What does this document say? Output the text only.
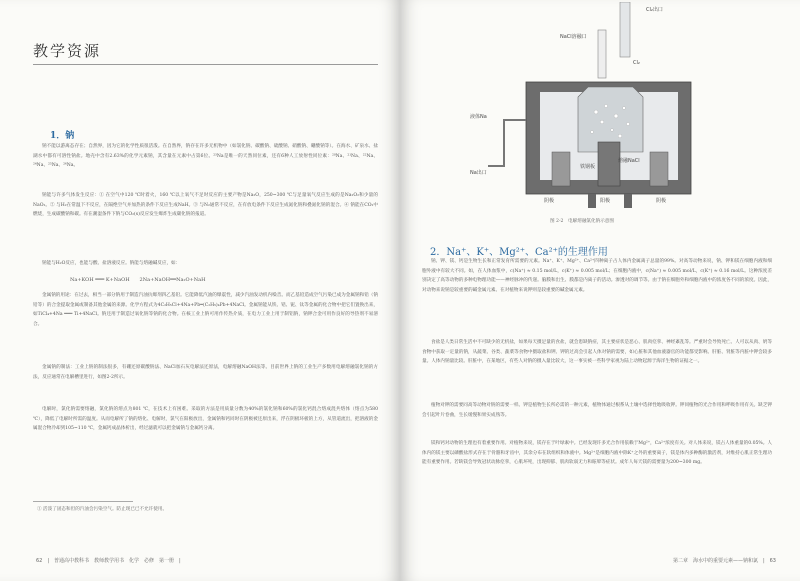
教学资源
1．钠

钠不能以游离态存在；自然界，因为它的化学性质很活泼。在自然界，钠存在许多无机物中（如氯化钠、碳酸钠、硫酸钠、硝酸钠、硼酸钠等）。在海水、矿泉水、盐湖水中都有可溶性钠盐。地壳中含有2.63%的化学元素钠，其含量在元素中占第6位。²³Na是唯一的天然同位素，还有6种人工放射性同位素：²⁰Na、²¹Na、²²Na、²⁴Na、²⁵Na、²⁶Na。

钠能与许多气体发生反应：① 在空气中120 ℃时着火，160 ℃以上氧气不足时反应的主要产物是Na₂O，250~300 ℃与足量氧气反应生成的是Na₂O₂和少量的NaO₂。② 与H₂在常温下不反应，在隔绝空气并加热的条件下反应生成NaH。③ 与N₂通常不反应，在有放电条件下反应生成氮化钠和叠氮化钠的混合。④ 钠能在CO₂中燃烧，生成碳酸钠和碳。有在潮湿条件下钠与CO₂(s)反应发生爆炸生成碳化钠的报道。

钠能与H₂O反应，也能与酸、盐溶液反应。钠能与熔融碱反应，如：

Na+KOH ═══ K+NaOH　　2Na+NaOH══Na₂O+NaH

金属钠的用途：在过去，相当一部分钠用于制造汽油抗爆剂四乙基铅。它能降低汽油的爆震性，减少汽油发动机内噪音。而乙基铅造成空气污染已成为金属钠和铅（钠铅等）的合金提取金属或制备其他金属的来源。化学方程式为4C₂H₅Cl+4Na+Pb═(C₂H₅)₄Pb+4NaCl。金属钠能从铁、锆、铌、钛等金属的化合物中把它们置换出来，如TiCl₄+4Na ═══ Ti+4NaCl。钠还用于制造过氧化钠等钠的化合物。在核工业上钠可用作传热介质，在电力工业上用于制铝钠，钠钾合金可用作良好的导热剂不易溶合。

金属钠的制法：工业上钠的制法很多，有硼还原碳酸钠法、NaCl加石灰电解法还原法，电解熔融NaOH法等。目前世界上钠的工业生产多数用电解熔融氯化钠的方法，反应通常在电解槽里进行，如图2-2所示。

电解时，氯化钠需要熔融，氯化钠的熔点为801 ℃，在技术上有困难。采取的方法是用质量分数为40%的氯化钠和60%的氯化钙混合熔成混共熔体（熔点为580 ℃），降低了电解时所需的温度。从而电解所了钠的熔化、电解时，氯气在阳极放出，金属钠和钙同时在阴极被还原出来，浮在阴极环板的上方，从管道流出，把溶液的金属混合物冷却到105~110 ℃，金属钙成晶体析出，经过滤就可以把金属钠与金属钙分离。

① 活泼了固态和但的汽油会污染空气。防止现已已不允许使用。
62　|　普通高中教科书　教师教学用书　化学　必修　第一册　|
Cl₂出口
Cl₂
NaCl溶融口
液体Na
Na出口
熔融NaCl
铁钢板
阴极	阳极	阴极
图 2-2　电解熔融氯化钠示意图
2．Na⁺、K⁺、Mg²⁺、Ca²⁺的生理作用

钠、钾、镁、钙是生物生长和正常发育所需要的元素。Na⁺、K⁺、Mg²⁺、Ca²⁺四种离子占人体内金属离子总量的99%。对高等动物来说，钠、钾和镁在细胞内液和细胞外液中有较大不同。如，在人体血浆中，c(Na⁺) ≈ 0.15 mol/L，c(K⁺) ≈ 0.005 mol/L；在细胞内液中，c(Na⁺) ≈ 0.005 mol/L，c(K⁺) ≈ 0.16 mol/L。这种浓度差别决定了高等动物的多种电物理功能——神经脉冲的传递。脑膜和出生、膜都是内离子的活动。渗透对的调节等。由于钠在细胞外和细胞内液中的浓度各不同的浓度。因此，对动物来说钠是较重要的碱金属元素。在对植物来说钾则是较重要的碱金属元素。

食盐是人类日常生活中不可缺少的无机盐，如果每天摄足量的食盐，就会患缺钠症，其主要症状是恶心、肌肉痉挛、神经紊乱等。严重时会导致死亡。人可以从肉、奶等食物中获取一定量的钠，从蔬菜、谷类、蔬菜等食物中摄取盐和钾。钾的过高会引起人体对钠的需要，如心脏和其他血液器官的功能都受影响。肝脏、肾脏等内脏中钾会较多量。人体内钠量比较。肝脏中，在某地区，有些人对钠的摄入量比较大，这一事实被一些科学家视为陆上动物起源于海洋生物的证据之一。

植物对钾的需要同高等动物对钠的需要一样。钾是植物生长所必需的一种元素，植物体通过根系从土壤中选择性地吸收钾。钾同植物的光合作用和呼吸作用有关。缺乏钾会引起叶片卷曲，生长缓慢和果实成熟等。

镁和钙对动物的生理也有着重要作用。对植物来说，镁存在于叶绿素中。已经发现许多光合作用依赖于Mg²⁺，Ca²⁺浓度有关。对人体来说，镁占人体重量的0.05%。人体内的镁主要以磷酸盐形式存在于骨骼和牙齿中，其余分布在软组织和体液中。Mg²⁺是细胞内液中除K⁺之外的重要离子，镁是体内多种酶的激活剂，对维持心肌正常生理功能有重要作用。若缺镁会导致冠状动脉痉挛，心肌坏死，出现抑郁、肌肉软弱无力和眩晕等症状。成年人每天镁的需要量为200~300 mg。

第二章　海水中的重要元素——钠和氯　|　63
